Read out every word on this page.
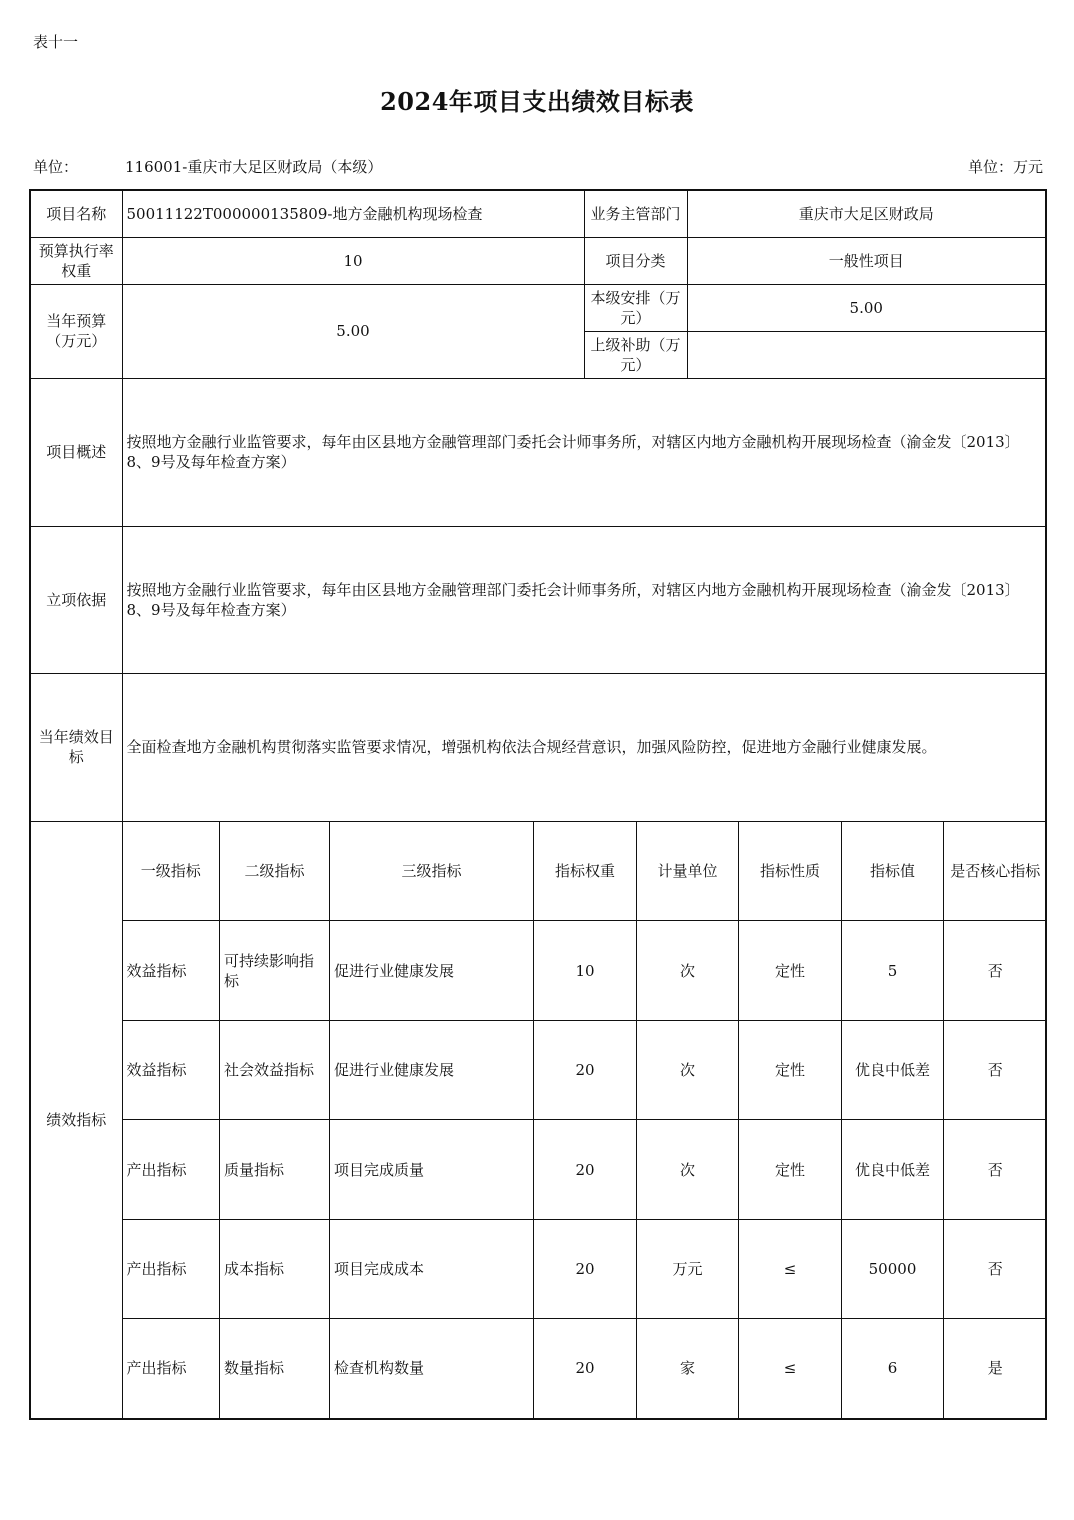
表十一
2024年项目支出绩效目标表
单位：	116001-重庆市大足区财政局（本级）	单位：万元
项目名称	50011122T000000135809-地方金融机构现场检查	业务主管部门	重庆市大足区财政局
预算执行率权重	10	项目分类	一般性项目
当年预算（万元）	5.00	本级安排（万元）	5.00
上级补助（万元）	
项目概述	按照地方金融行业监管要求，每年由区县地方金融管理部门委托会计师事务所，对辖区内地方金融机构开展现场检查（渝金发〔2013〕8、9号及每年检查方案）
立项依据	按照地方金融行业监管要求，每年由区县地方金融管理部门委托会计师事务所，对辖区内地方金融机构开展现场检查（渝金发〔2013〕8、9号及每年检查方案）
当年绩效目标	全面检查地方金融机构贯彻落实监管要求情况，增强机构依法合规经营意识，加强风险防控，促进地方金融行业健康发展。
绩效指标	
一级指标	二级指标	三级指标	指标权重	计量单位	指标性质	指标值	是否核心指标
效益指标	可持续影响指标	促进行业健康发展	10	次	定性	5	否
效益指标	社会效益指标	促进行业健康发展	20	次	定性	优良中低差	否
产出指标	质量指标	项目完成质量	20	次	定性	优良中低差	否
产出指标	成本指标	项目完成成本	20	万元	≤	50000	否
产出指标	数量指标	检查机构数量	20	家	≤	6	是
